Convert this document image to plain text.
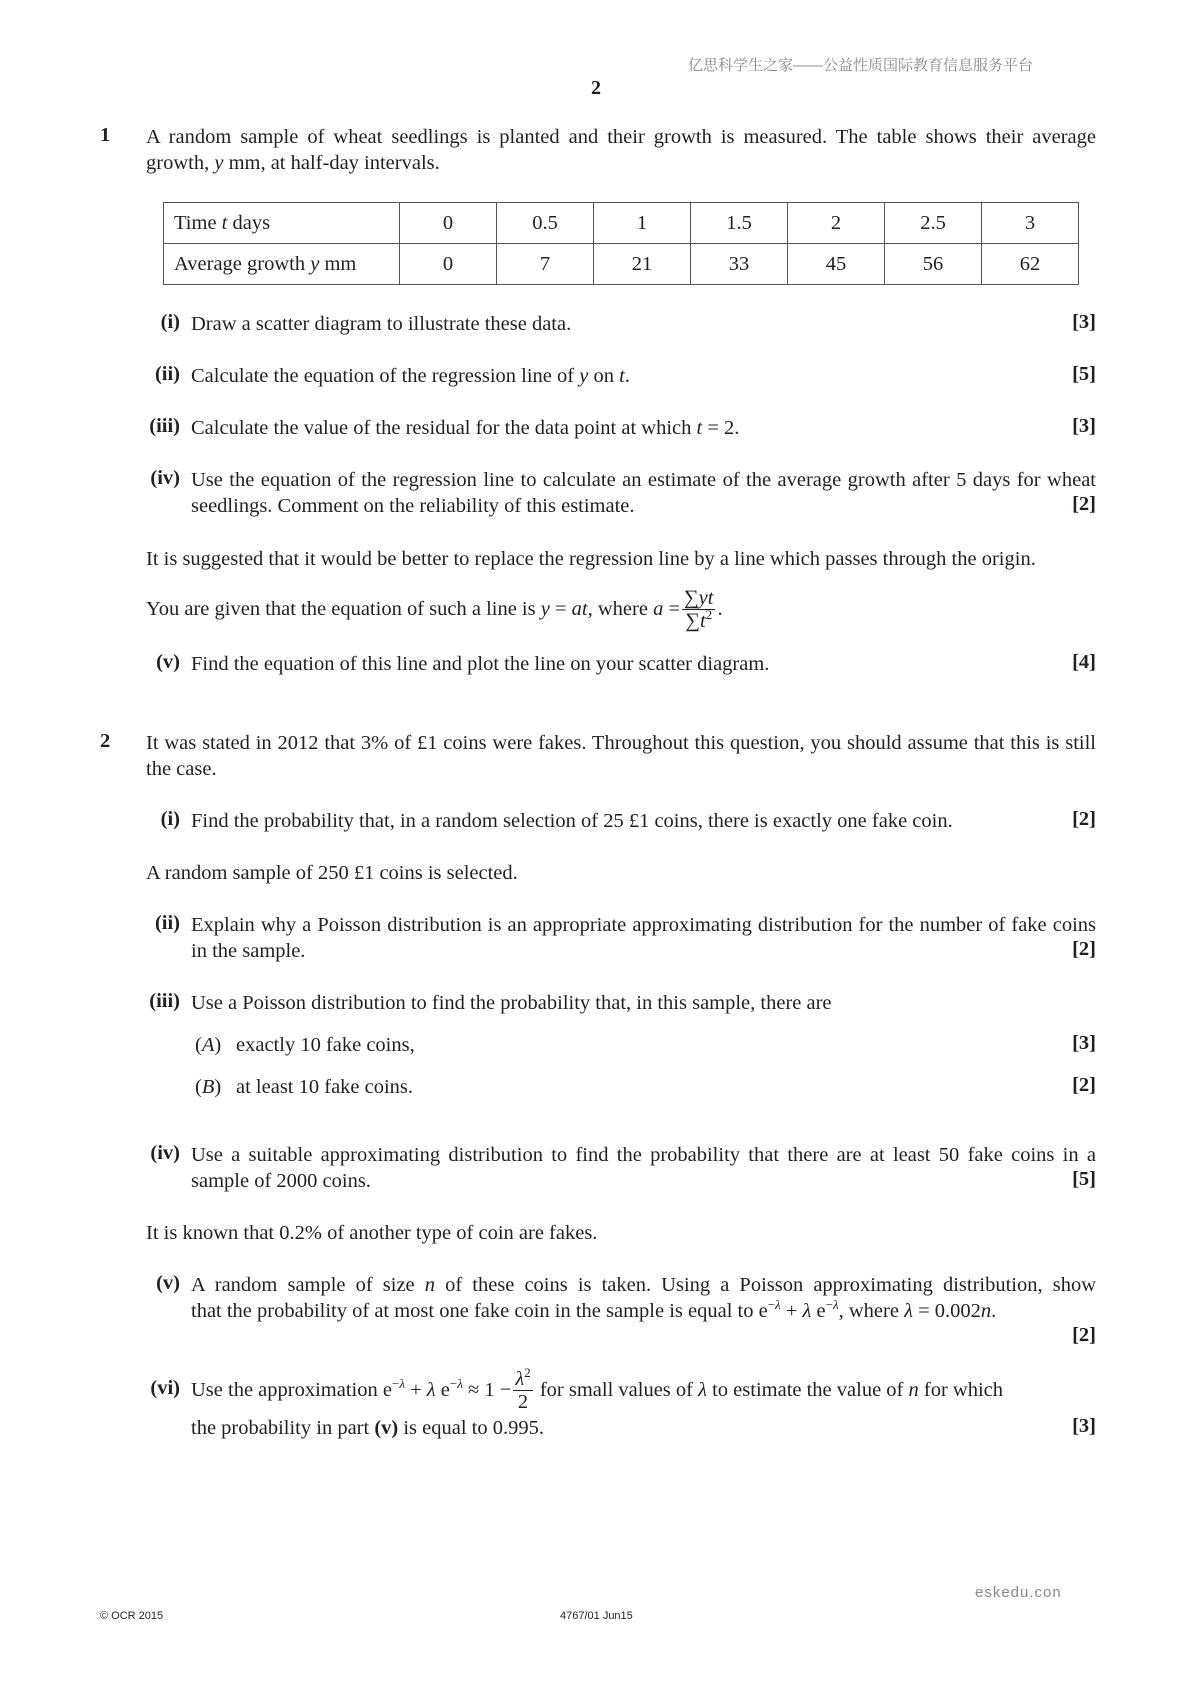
亿思科学生之家——公益性质国际教育信息服务平台
2
1 A random sample of wheat seedlings is planted and their growth is measured. The table shows their average growth, y mm, at half-day intervals.
Time t days	0	0.5	1	1.5	2	2.5	3
Average growth y mm	0	7	21	33	45	56	62
(i) Draw a scatter diagram to illustrate these data.	[3]
(ii) Calculate the equation of the regression line of y on t.	[5]
(iii) Calculate the value of the residual for the data point at which t = 2.	[3]
(iv) Use the equation of the regression line to calculate an estimate of the average growth after 5 days for wheat seedlings. Comment on the reliability of this estimate.	[2]
It is suggested that it would be better to replace the regression line by a line which passes through the origin.
You are given that the equation of such a line is y = at, where $a = \frac{\sum yt}{\sum t^2}$ .
(v) Find the equation of this line and plot the line on your scatter diagram.	[4]
2 It was stated in 2012 that 3% of £1 coins were fakes. Throughout this question, you should assume that this is still the case.
(i) Find the probability that, in a random selection of 25 £1 coins, there is exactly one fake coin.	[2]
A random sample of 250 £1 coins is selected.
(ii) Explain why a Poisson distribution is an appropriate approximating distribution for the number of fake coins in the sample.	[2]
(iii) Use a Poisson distribution to find the probability that, in this sample, there are
(A) exactly 10 fake coins,	[3]
(B) at least 10 fake coins.	[2]
(iv) Use a suitable approximating distribution to find the probability that there are at least 50 fake coins in a sample of 2000 coins.	[5]
It is known that 0.2% of another type of coin are fakes.
(v) A random sample of size n of these coins is taken. Using a Poisson approximating distribution, show
that the probability of at most one fake coin in the sample is equal to $e^{-\lambda} + \lambda$ $e^{-\lambda}$, where λ = 0.002n.
[2]
(vi) Use the approximation $e^{-\lambda} + \lambda$ $e^{-\lambda} \approx 1 - \frac{\lambda^2}{2}$ for small values of λ to estimate the value of n for which
the probability in part (v) is equal to 0.995.	[3]
eskedu.con
© OCR 2015	4767/01 Jun15
